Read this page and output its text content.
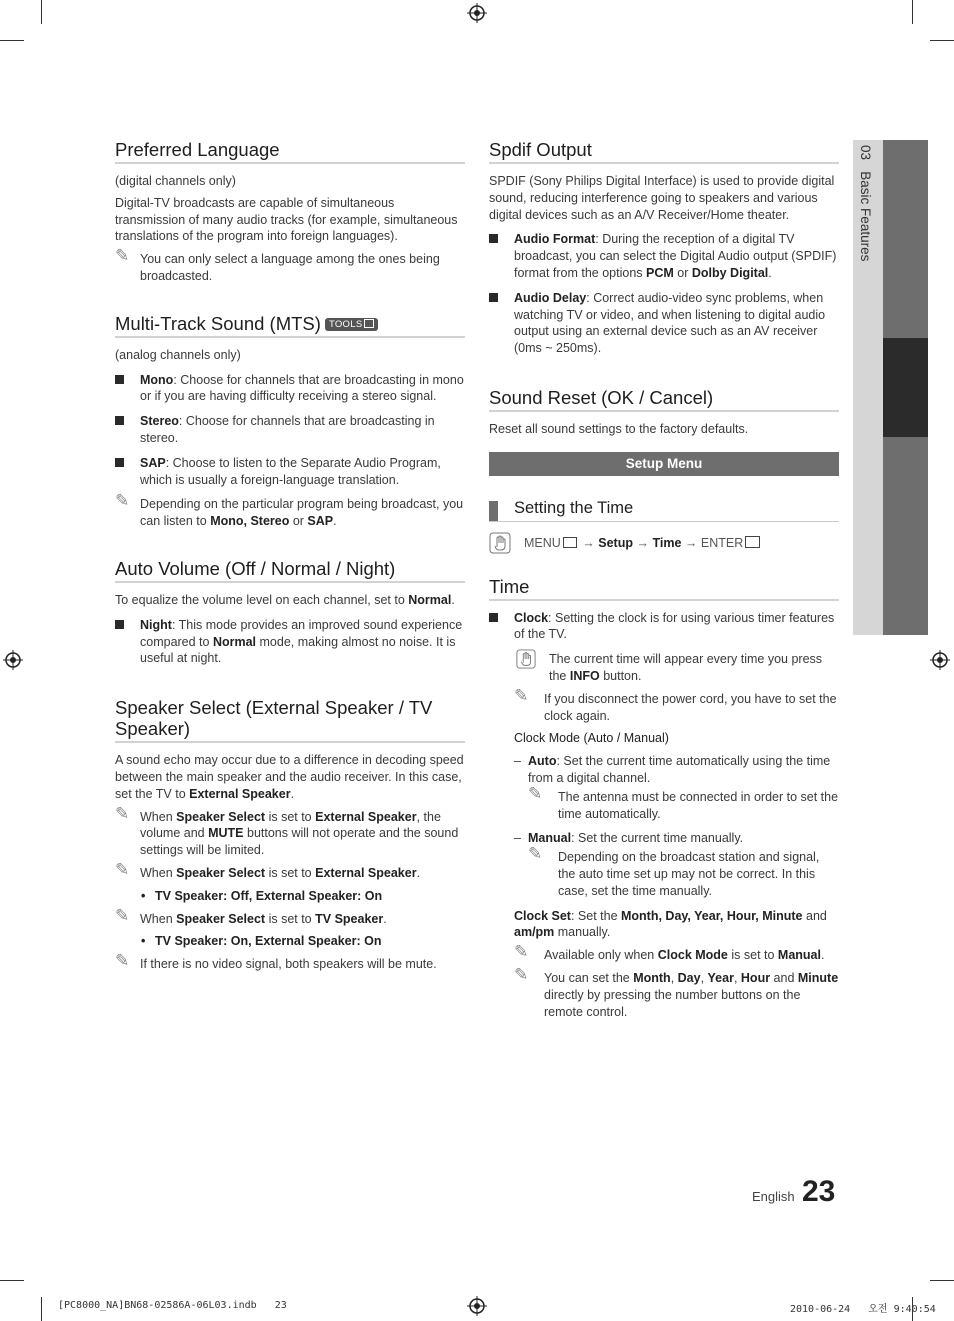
03   Basic Features
Preferred Language
(digital channels only)
Digital-TV broadcasts are capable of simultaneous transmission of many audio tracks (for example, simultaneous translations of the program into foreign languages).
✎ You can only select a language among the ones being broadcasted.
Multi-Track Sound (MTS) TOOLS
(analog channels only)
Mono: Choose for channels that are broadcasting in mono or if you are having difficulty receiving a stereo signal.
Stereo: Choose for channels that are broadcasting in stereo.
SAP: Choose to listen to the Separate Audio Program, which is usually a foreign-language translation.
✎ Depending on the particular program being broadcast, you can listen to Mono, Stereo or SAP.
Auto Volume (Off / Normal / Night)
To equalize the volume level on each channel, set to Normal.
Night: This mode provides an improved sound experience compared to Normal mode, making almost no noise. It is useful at night.
Speaker Select (External Speaker / TV Speaker)
A sound echo may occur due to a difference in decoding speed between the main speaker and the audio receiver. In this case, set the TV to External Speaker.
✎ When Speaker Select is set to External Speaker, the volume and MUTE buttons will not operate and the sound settings will be limited.
✎ When Speaker Select is set to External Speaker.
• TV Speaker: Off, External Speaker: On
✎ When Speaker Select is set to TV Speaker.
• TV Speaker: On, External Speaker: On
✎ If there is no video signal, both speakers will be mute.
Spdif Output
SPDIF (Sony Philips Digital Interface) is used to provide digital sound, reducing interference going to speakers and various digital devices such as an A/V Receiver/Home theater.
Audio Format: During the reception of a digital TV broadcast, you can select the Digital Audio output (SPDIF) format from the options PCM or Dolby Digital.
Audio Delay: Correct audio-video sync problems, when watching TV or video, and when listening to digital audio output using an external device such as an AV receiver (0ms ~ 250ms).
Sound Reset (OK / Cancel)
Reset all sound settings to the factory defaults.
Setup Menu
Setting the Time
MENU → Setup → Time → ENTER
Time
Clock: Setting the clock is for using various timer features of the TV.
The current time will appear every time you press the INFO button.
✎ If you disconnect the power cord, you have to set the clock again.
Clock Mode (Auto / Manual)
– Auto: Set the current time automatically using the time from a digital channel.
✎ The antenna must be connected in order to set the time automatically.
– Manual: Set the current time manually.
✎ Depending on the broadcast station and signal, the auto time set up may not be correct. In this case, set the time manually.
Clock Set: Set the Month, Day, Year, Hour, Minute and am/pm manually.
✎ Available only when Clock Mode is set to Manual.
✎ You can set the Month, Day, Year, Hour and Minute directly by pressing the number buttons on the remote control.
English 23
[PC8000_NA]BN68-02586A-06L03.indb   23	2010-06-24   오전 9:40:54
